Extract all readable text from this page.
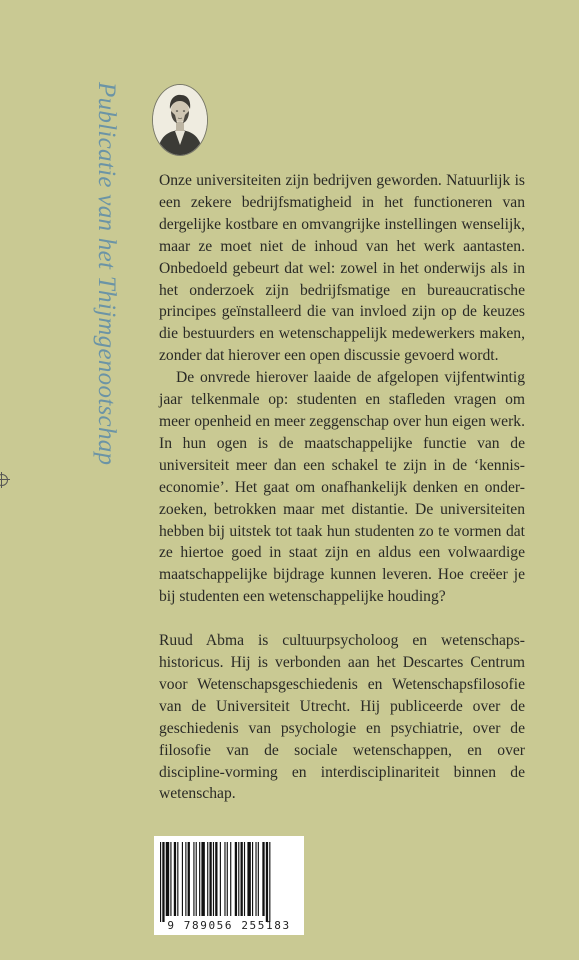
Publicatie van het Thijmgenootschap	Onze universiteiten zijn bedrijven geworden. Natuurlijk is een zekere bedrijfsmatigheid in het functioneren van dergelijke kostbare en omvangrijke instellingen wenselijk, maar ze moet niet de inhoud van het werk aantasten. Onbedoeld gebeurt dat wel: zowel in het onderwijs als in het onderzoek zijn bedrijfsmatige en bureaucratische principes geïnstalleerd die van invloed zijn op de keuzes die bestuurders en wetenschappelijk medewerkers maken, zonder dat hierover een open discussie gevoerd wordt.

De onvrede hierover laaide de afgelopen vijfentwintig jaar telkenmale op: studenten en stafleden vragen om meer openheid en meer zeggenschap over hun eigen werk. In hun ogen is de maatschappelijke functie van de universiteit meer dan een schakel te zijn in de ‘kennis-economie’. Het gaat om onafhankelijk denken en onder-zoeken, betrokken maar met distantie. De universiteiten hebben bij uitstek tot taak hun studenten zo te vormen dat ze hiertoe goed in staat zijn en aldus een volwaardige maatschappelijke bijdrage kunnen leveren. Hoe creëer je bij studenten een wetenschappelijke houding?

Ruud Abma is cultuurpsycholoog en wetenschaps-historicus. Hij is verbonden aan het Descartes Centrum voor Wetenschapsgeschiedenis en Wetenschapsfilosofie van de Universiteit Utrecht. Hij publiceerde over de geschiedenis van psychologie en psychiatrie, over de filosofie van de sociale wetenschappen, en over discipline-vorming en interdisciplinariteit binnen de wetenschap.

9 789056 255183
